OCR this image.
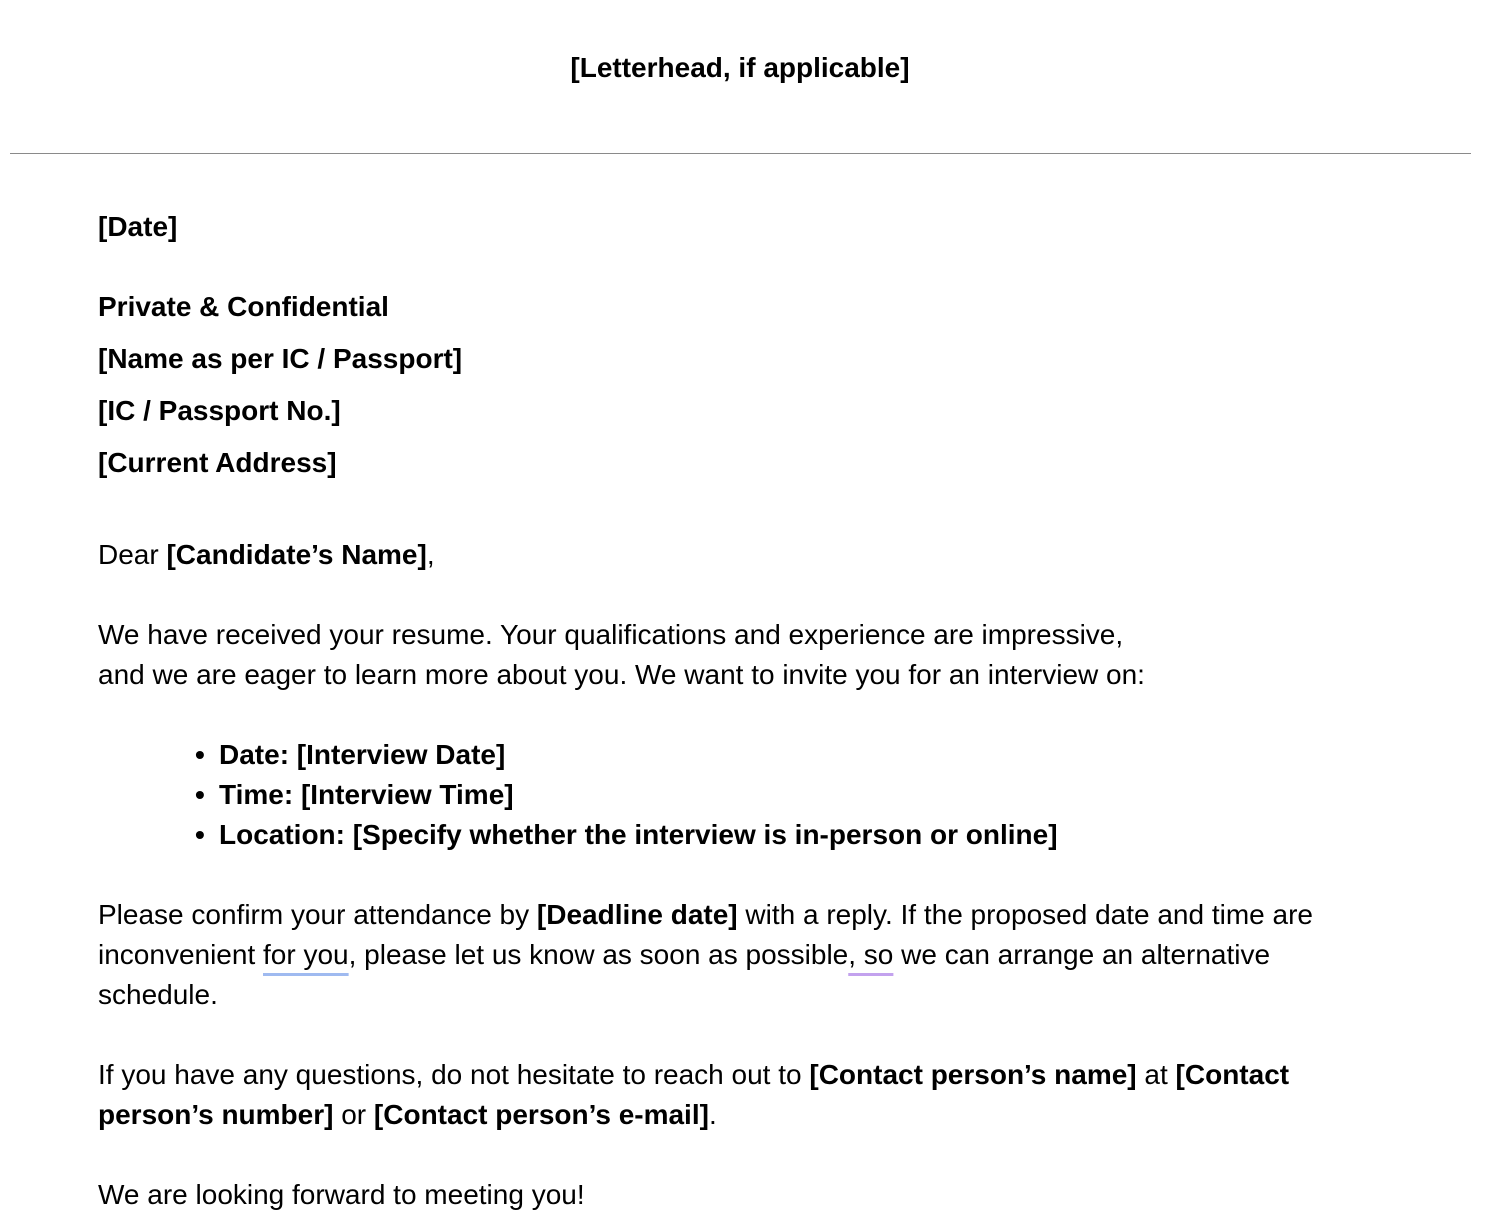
[Letterhead, if applicable]
[Date]
Private & Confidential
[Name as per IC / Passport]
[IC / Passport No.]
[Current Address]
Dear [Candidate’s Name],
We have received your resume. Your qualifications and experience are impressive,
and we are eager to learn more about you. We want to invite you for an interview on:
• Date: [Interview Date]
• Time: [Interview Time]
• Location: [Specify whether the interview is in-person or online]
Please confirm your attendance by [Deadline date] with a reply. If the proposed date and time are
inconvenient for you, please let us know as soon as possible, so we can arrange an alternative
schedule.
If you have any questions, do not hesitate to reach out to [Contact person’s name] at [Contact
person’s number] or [Contact person’s e-mail].
We are looking forward to meeting you!
